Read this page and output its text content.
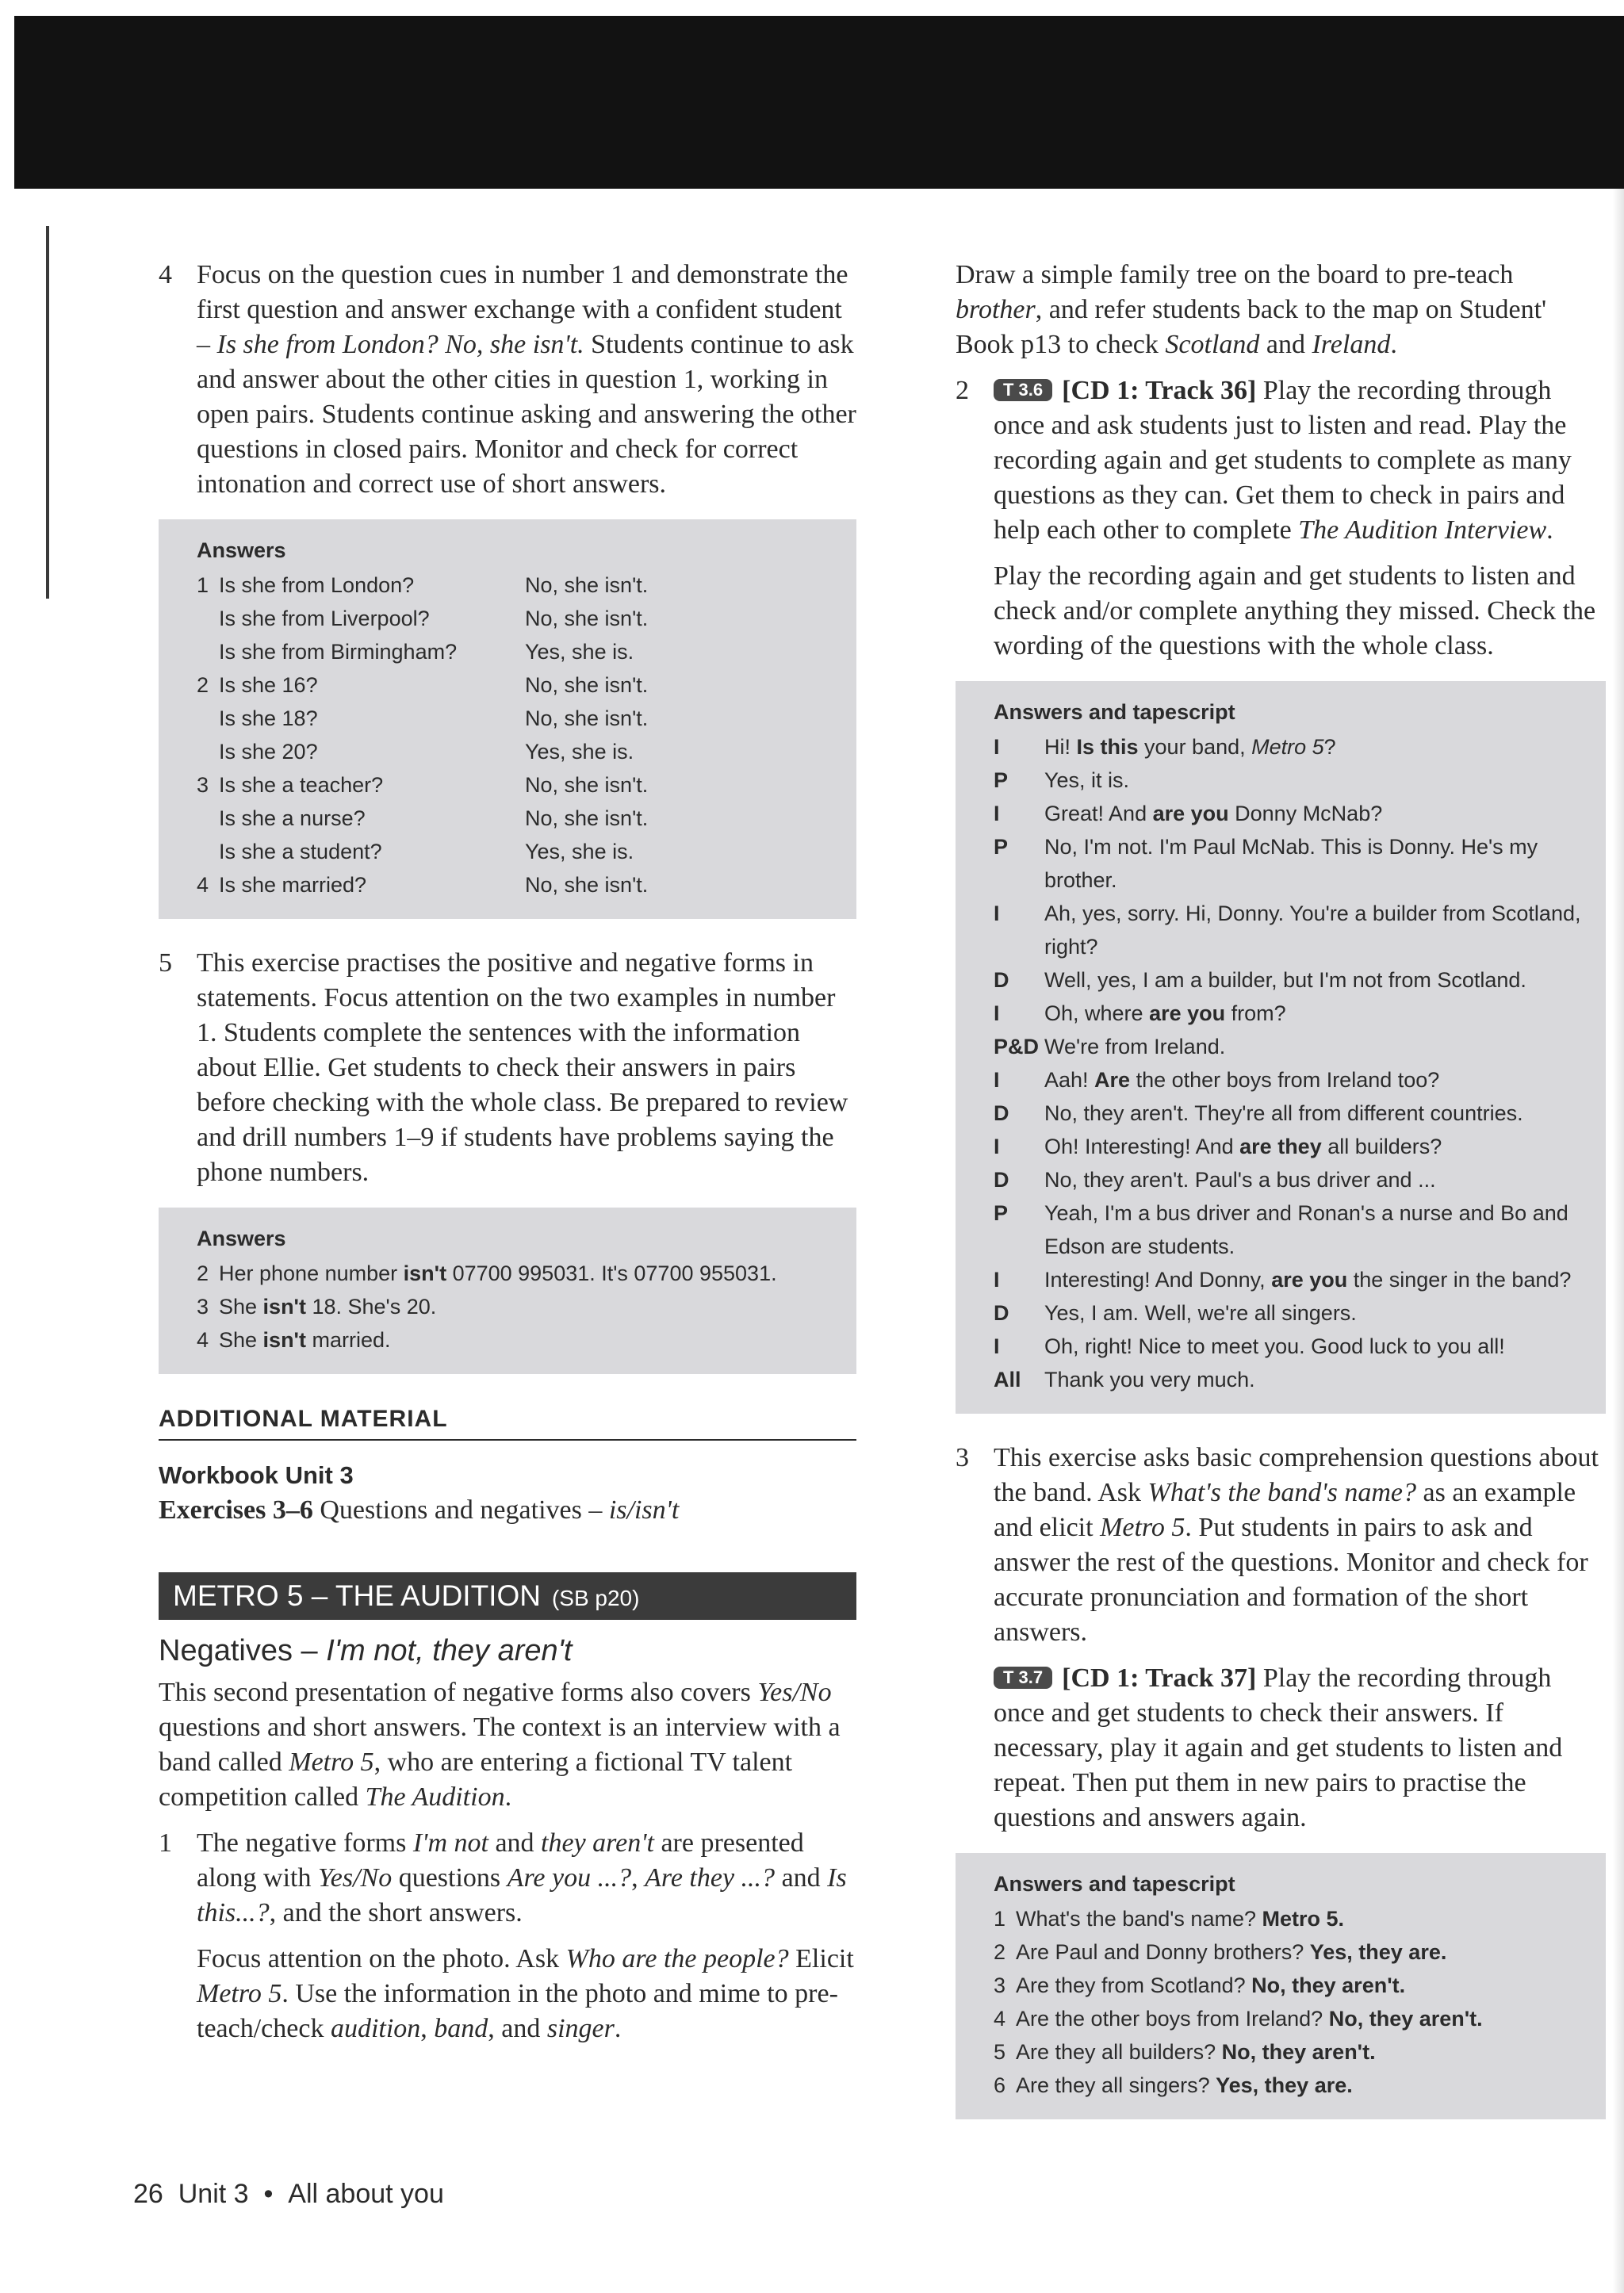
4 Focus on the question cues in number 1 and demonstrate the first question and answer exchange with a confident student – Is she from London? No, she isn't. Students continue to ask and answer about the other cities in question 1, working in open pairs. Students continue asking and answering the other questions in closed pairs. Monitor and check for correct intonation and correct use of short answers.
Answers
1	Is she from London?	No, she isn't.
	Is she from Liverpool?	No, she isn't.
	Is she from Birmingham?	Yes, she is.
2	Is she 16?	No, she isn't.
	Is she 18?	No, she isn't.
	Is she 20?	Yes, she is.
3	Is she a teacher?	No, she isn't.
	Is she a nurse?	No, she isn't.
	Is she a student?	Yes, she is.
4	Is she married?	No, she isn't.
5 This exercise practises the positive and negative forms in statements. Focus attention on the two examples in number 1. Students complete the sentences with the information about Ellie. Get students to check their answers in pairs before checking with the whole class. Be prepared to review and drill numbers 1–9 if students have problems saying the phone numbers.
Answers
2 Her phone number isn't 07700 995031. It's 07700 955031.
3 She isn't 18. She's 20.
4 She isn't married.
ADDITIONAL MATERIAL
Workbook Unit 3
Exercises 3–6 Questions and negatives – is/isn't
METRO 5 – THE AUDITION (SB p20)
Negatives – I'm not, they aren't
This second presentation of negative forms also covers Yes/No questions and short answers. The context is an interview with a band called Metro 5, who are entering a fictional TV talent competition called The Audition.
1 The negative forms I'm not and they aren't are presented along with Yes/No questions Are you ...?, Are they ...? and Is this...?, and the short answers.
Focus attention on the photo. Ask Who are the people? Elicit Metro 5. Use the information in the photo and mime to pre-teach/check audition, band, and singer.
Draw a simple family tree on the board to pre-teach brother, and refer students back to the map on Student' Book p13 to check Scotland and Ireland.
2	T 3.6 [CD 1: Track 36] Play the recording through once and ask students just to listen and read. Play the recording again and get students to complete as many questions as they can. Get them to check in pairs and help each other to complete The Audition Interview.
Play the recording again and get students to listen and check and/or complete anything they missed. Check the wording of the questions with the whole class.
Answers and tapescript
I	Hi! Is this your band, Metro 5?
P	Yes, it is.
I	Great! And are you Donny McNab?
P	No, I'm not. I'm Paul McNab. This is Donny. He's my brother.
I	Ah, yes, sorry. Hi, Donny. You're a builder from Scotland, right?
D	Well, yes, I am a builder, but I'm not from Scotland.
I	Oh, where are you from?
P&D We're from Ireland.
I	Aah! Are the other boys from Ireland too?
D	No, they aren't. They're all from different countries.
I	Oh! Interesting! And are they all builders?
D	No, they aren't. Paul's a bus driver and ...
P	Yeah, I'm a bus driver and Ronan's a nurse and Bo and Edson are students.
I	Interesting! And Donny, are you the singer in the band?
D	Yes, I am. Well, we're all singers.
I	Oh, right! Nice to meet you. Good luck to you all!
All	Thank you very much.
3 This exercise asks basic comprehension questions about the band. Ask What's the band's name? as an example and elicit Metro 5. Put students in pairs to ask and answer the rest of the questions. Monitor and check for accurate pronunciation and formation of the short answers.
T 3.7 [CD 1: Track 37] Play the recording through once and get students to check their answers. If necessary, play it again and get students to listen and repeat. Then put them in new pairs to practise the questions and answers again.
Answers and tapescript
1 What's the band's name? Metro 5.
2 Are Paul and Donny brothers? Yes, they are.
3 Are they from Scotland? No, they aren't.
4 Are the other boys from Ireland? No, they aren't.
5 Are they all builders? No, they aren't.
6 Are they all singers? Yes, they are.
26 Unit 3 • All about you
